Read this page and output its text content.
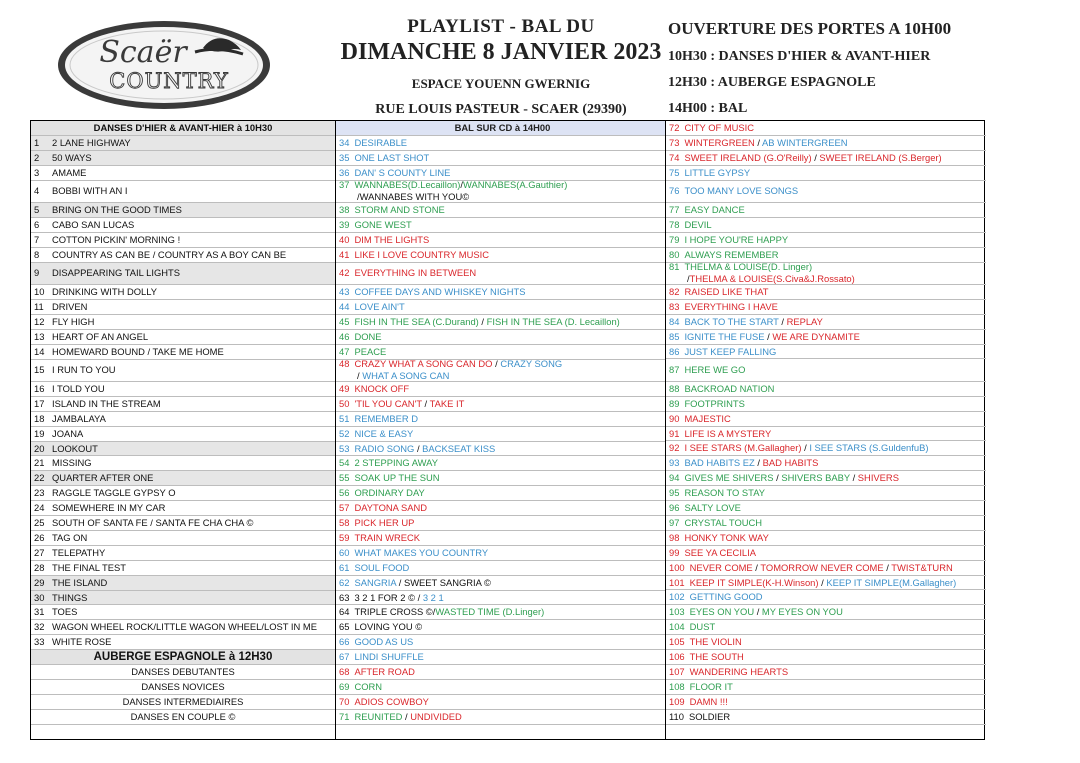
Scaër
COUNTRY
PLAYLIST - BAL DU
DIMANCHE 8 JANVIER 2023
ESPACE YOUENN GWERNIG
RUE LOUIS PASTEUR - SCAER (29390)
OUVERTURE DES PORTES A 10H00
10H30 : DANSES D'HIER & AVANT-HIER
12H30 : AUBERGE ESPAGNOLE
14H00 : BAL
DANSES D'HIER & AVANT-HIER à 10H30
1 2 LANE HIGHWAY
2 50 WAYS
3 AMAME
4 BOBBI WITH AN I
5 BRING ON THE GOOD TIMES
6 CABO SAN LUCAS
7 COTTON PICKIN' MORNING !
8 COUNTRY AS CAN BE / COUNTRY AS A BOY CAN BE
9 DISAPPEARING TAIL LIGHTS
10 DRINKING WITH DOLLY
11 DRIVEN
12 FLY HIGH
13 HEART OF AN ANGEL
14 HOMEWARD BOUND / TAKE ME HOME
15 I RUN TO YOU
16 I TOLD YOU
17 ISLAND IN THE STREAM
18 JAMBALAYA
19 JOANA
20 LOOKOUT
21 MISSING
22 QUARTER AFTER ONE
23 RAGGLE TAGGLE GYPSY O
24 SOMEWHERE IN MY CAR
25 SOUTH OF SANTA FE / SANTA FE CHA CHA ©
26 TAG ON
27 TELEPATHY
28 THE FINAL TEST
29 THE ISLAND
30 THINGS
31 TOES
32 WAGON WHEEL ROCK/LITTLE WAGON WHEEL/LOST IN ME
33 WHITE ROSE
AUBERGE ESPAGNOLE à 12H30
DANSES DEBUTANTES
DANSES NOVICES
DANSES INTERMEDIAIRES
DANSES EN COUPLE ©
BAL SUR CD à 14H00
34 DESIRABLE
35 ONE LAST SHOT
36 DAN' S COUNTY LINE
37 WANNABES(D.Lecaillon)/WANNABES(A.Gauthier)
/WANNABES WITH YOU©
38 STORM AND STONE
39 GONE WEST
40 DIM THE LIGHTS
41 LIKE I LOVE COUNTRY MUSIC
42 EVERYTHING IN BETWEEN
43 COFFEE DAYS AND WHISKEY NIGHTS
44 LOVE AIN'T
45 FISH IN THE SEA (C.Durand) / FISH IN THE SEA (D. Lecaillon)
46 DONE
47 PEACE
48 CRAZY WHAT A SONG CAN DO / CRAZY SONG
/ WHAT A SONG CAN
49 KNOCK OFF
50 'TIL YOU CAN'T / TAKE IT
51 REMEMBER D
52 NICE & EASY
53 RADIO SONG / BACKSEAT KISS
54 2 STEPPING AWAY
55 SOAK UP THE SUN
56 ORDINARY DAY
57 DAYTONA SAND
58 PICK HER UP
59 TRAIN WRECK
60 WHAT MAKES YOU COUNTRY
61 SOUL FOOD
62 SANGRIA / SWEET SANGRIA ©
63 3 2 1 FOR 2 © / 3 2 1
64 TRIPLE CROSS ©/WASTED TIME (D.Linger)
65 LOVING YOU ©
66 GOOD AS US
67 LINDI SHUFFLE
68 AFTER ROAD
69 CORN
70 ADIOS COWBOY
71 REUNITED / UNDIVIDED
72 CITY OF MUSIC
73 WINTERGREEN / AB WINTERGREEN
74 SWEET IRELAND (G.O'Reilly) / SWEET IRELAND (S.Berger)
75 LITTLE GYPSY
76 TOO MANY LOVE SONGS
77 EASY DANCE
78 DEVIL
79 I HOPE YOU'RE HAPPY
80 ALWAYS REMEMBER
81 THELMA & LOUISE(D. Linger)
/THELMA & LOUISE(S.Civa&J.Rossato)
82 RAISED LIKE THAT
83 EVERYTHING I HAVE
84 BACK TO THE START / REPLAY
85 IGNITE THE FUSE / WE ARE DYNAMITE
86 JUST KEEP FALLING
87 HERE WE GO
88 BACKROAD NATION
89 FOOTPRINTS
90 MAJESTIC
91 LIFE IS A MYSTERY
92 I SEE STARS (M.Gallagher) / I SEE STARS (S.GuldenfuB)
93 BAD HABITS EZ / BAD HABITS
94 GIVES ME SHIVERS / SHIVERS BABY / SHIVERS
95 REASON TO STAY
96 SALTY LOVE
97 CRYSTAL TOUCH
98 HONKY TONK WAY
99 SEE YA CECILIA
100 NEVER COME / TOMORROW NEVER COME / TWIST&TURN
101 KEEP IT SIMPLE(K-H.Winson) / KEEP IT SIMPLE(M.Gallagher)
102 GETTING GOOD
103 EYES ON YOU / MY EYES ON YOU
104 DUST
105 THE VIOLIN
106 THE SOUTH
107 WANDERING HEARTS
108 FLOOR IT
109 DAMN !!!
110 SOLDIER
